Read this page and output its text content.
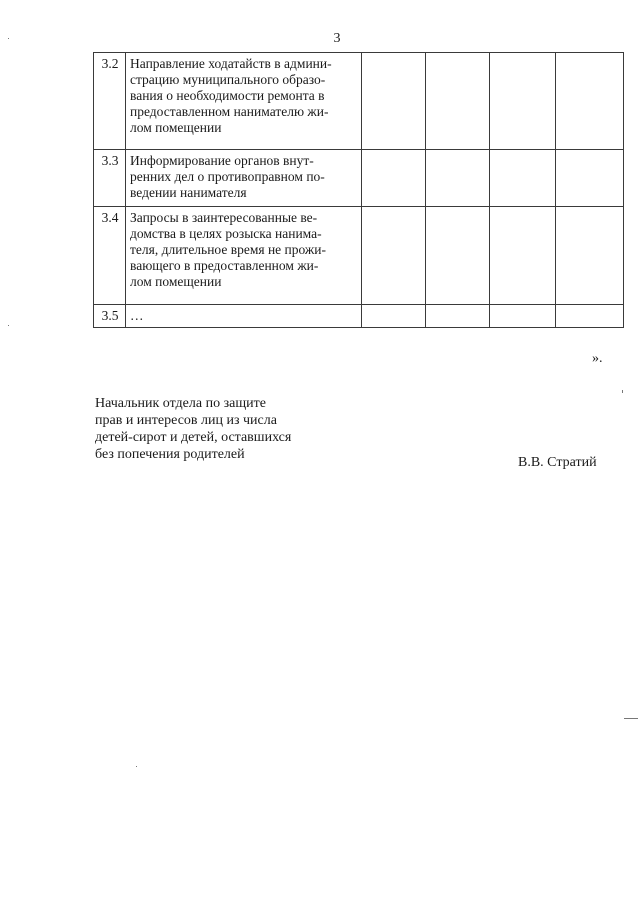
3
3.2	Направление ходатайств в админи-
страцию муниципального образо-
вания о необходимости ремонта в
предоставленном нанимателю жи-
лом помещении				

3.3	Информирование органов внут-
ренних дел о противоправном по-
ведении нанимателя				

3.4	Запросы в заинтересованные ве-
домства в целях розыска нанима-
теля, длительное время не прожи-
вающего в предоставленном жи-
лом помещении				

3.5	…				

».
Начальник отдела по защите
прав и интересов лиц из числа
детей-сирот и детей, оставшихся
без попечения родителей
В.В. Стратий
